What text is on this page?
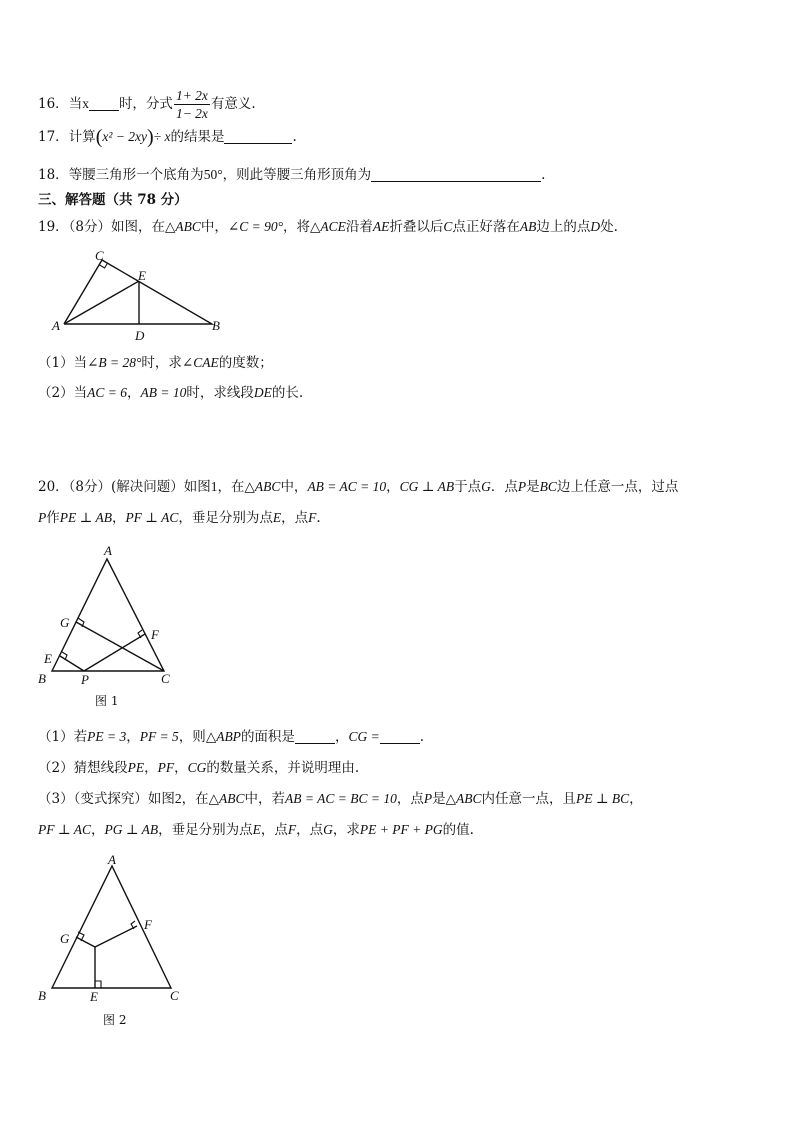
16．当x 时，分式 $\frac{1+ 2x}{1- 2x}$ 有意义.
17．计算(x² − 2xy)÷ x的结果是	.
18．等腰三角形一个底角为50°，则此等腰三角形顶角为	.
三、解答题（共 78 分）
19．（8分）如图，在△ABC中，∠C = 90°，将△ACE沿着AE折叠以后C点正好落在AB边上的点D处.
C
E
A
D
B
（1）当∠B = 28°时，求∠CAE的度数；
（2）当AC = 6，AB = 10时，求线段DE的长.
20．（8分）(解决问题）如图1，在△ABC中，AB = AC = 10，CG ⊥ AB于点G．点P是BC边上任意一点，过点
P作PE ⊥ AB，PF ⊥ AC，垂足分别为点E，点F.
A
G
F
E
B	P	C
图 1
（1）若PE = 3，PF = 5，则△ABP的面积是	，CG =	.
（2）猜想线段PE，PF，CG的数量关系，并说明理由.
（3）（变式探究）如图2，在△ABC中，若AB = AC = BC = 10，点P是△ABC内任意一点，且PE ⊥ BC，
PF ⊥ AC，PG ⊥ AB，垂足分别为点E，点F，点G，求PE + PF + PG的值.
A
G
F
B	E	C
图 2
